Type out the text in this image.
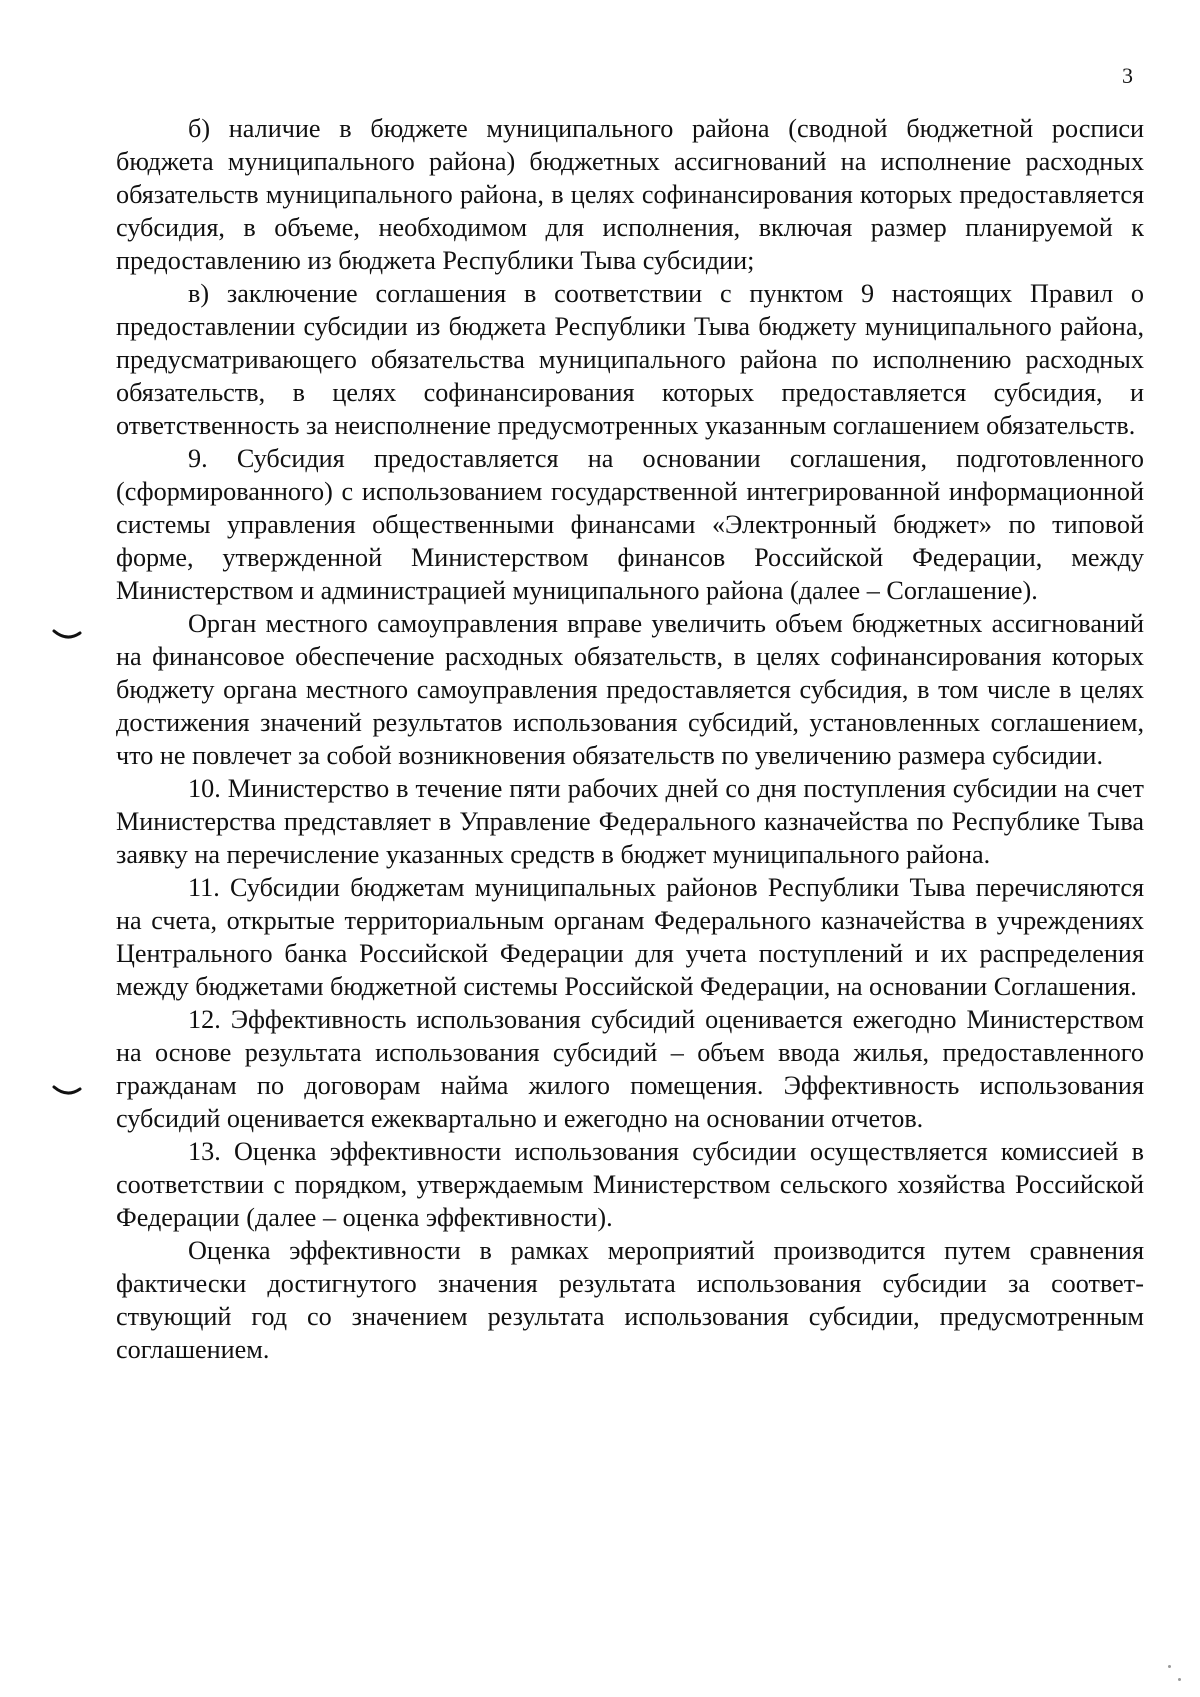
3

б) наличие в бюджете муниципального района (сводной бюджетной росписи бюджета муниципального района) бюджетных ассигнований на исполнение расходных обязательств муниципального района, в целях софинансирования которых предоставляется субсидия, в объеме, необходимом для исполнения, включая размер планируемой к предоставлению из бюджета Республики Тыва субсидии;

в) заключение соглашения в соответствии с пунктом 9 настоящих Правил о предоставлении субсидии из бюджета Республики Тыва бюджету муниципального района, предусматривающего обязательства муниципального района по исполнению расходных обязательств, в целях софинансирования которых предоставляется субсидия, и ответственность за неисполнение предусмотренных указанным соглашением обязательств.

9. Субсидия предоставляется на основании соглашения, подготовленного (сформированного) с использованием государственной интегрированной информационной системы управления общественными финансами «Электронный бюджет» по типовой форме, утвержденной Министерством финансов Российской Федерации, между Министерством и администрацией муниципального района (далее – Соглашение).

Орган местного самоуправления вправе увеличить объем бюджетных ассигнований на финансовое обеспечение расходных обязательств, в целях софинансирования которых бюджету органа местного самоуправления предоставляется субсидия, в том числе в целях достижения значений результатов использования субсидий, установленных соглашением, что не повлечет за собой возникновения обязательств по увеличению размера субсидии.

10. Министерство в течение пяти рабочих дней со дня поступления субсидии на счет Министерства представляет в Управление Федерального казначейства по Республике Тыва заявку на перечисление указанных средств в бюджет муниципального района.

11. Субсидии бюджетам муниципальных районов Республики Тыва перечисляются на счета, открытые территориальным органам Федерального казначейства в учреждениях Центрального банка Российской Федерации для учета поступлений и их распределения между бюджетами бюджетной системы Российской Федерации, на основании Соглашения.

12. Эффективность использования субсидий оценивается ежегодно Министерством на основе результата использования субсидий – объем ввода жилья, предоставленного гражданам по договорам найма жилого помещения. Эффективность использования субсидий оценивается ежеквартально и ежегодно на основании отчетов.

13. Оценка эффективности использования субсидии осуществляется комиссией в соответствии с порядком, утверждаемым Министерством сельского хозяйства Российской Федерации (далее – оценка эффективности).

Оценка эффективности в рамках мероприятий производится путем сравнения фактически достигнутого значения результата использования субсидии за соответствующий год со значением результата использования субсидии, предусмотренным соглашением.
